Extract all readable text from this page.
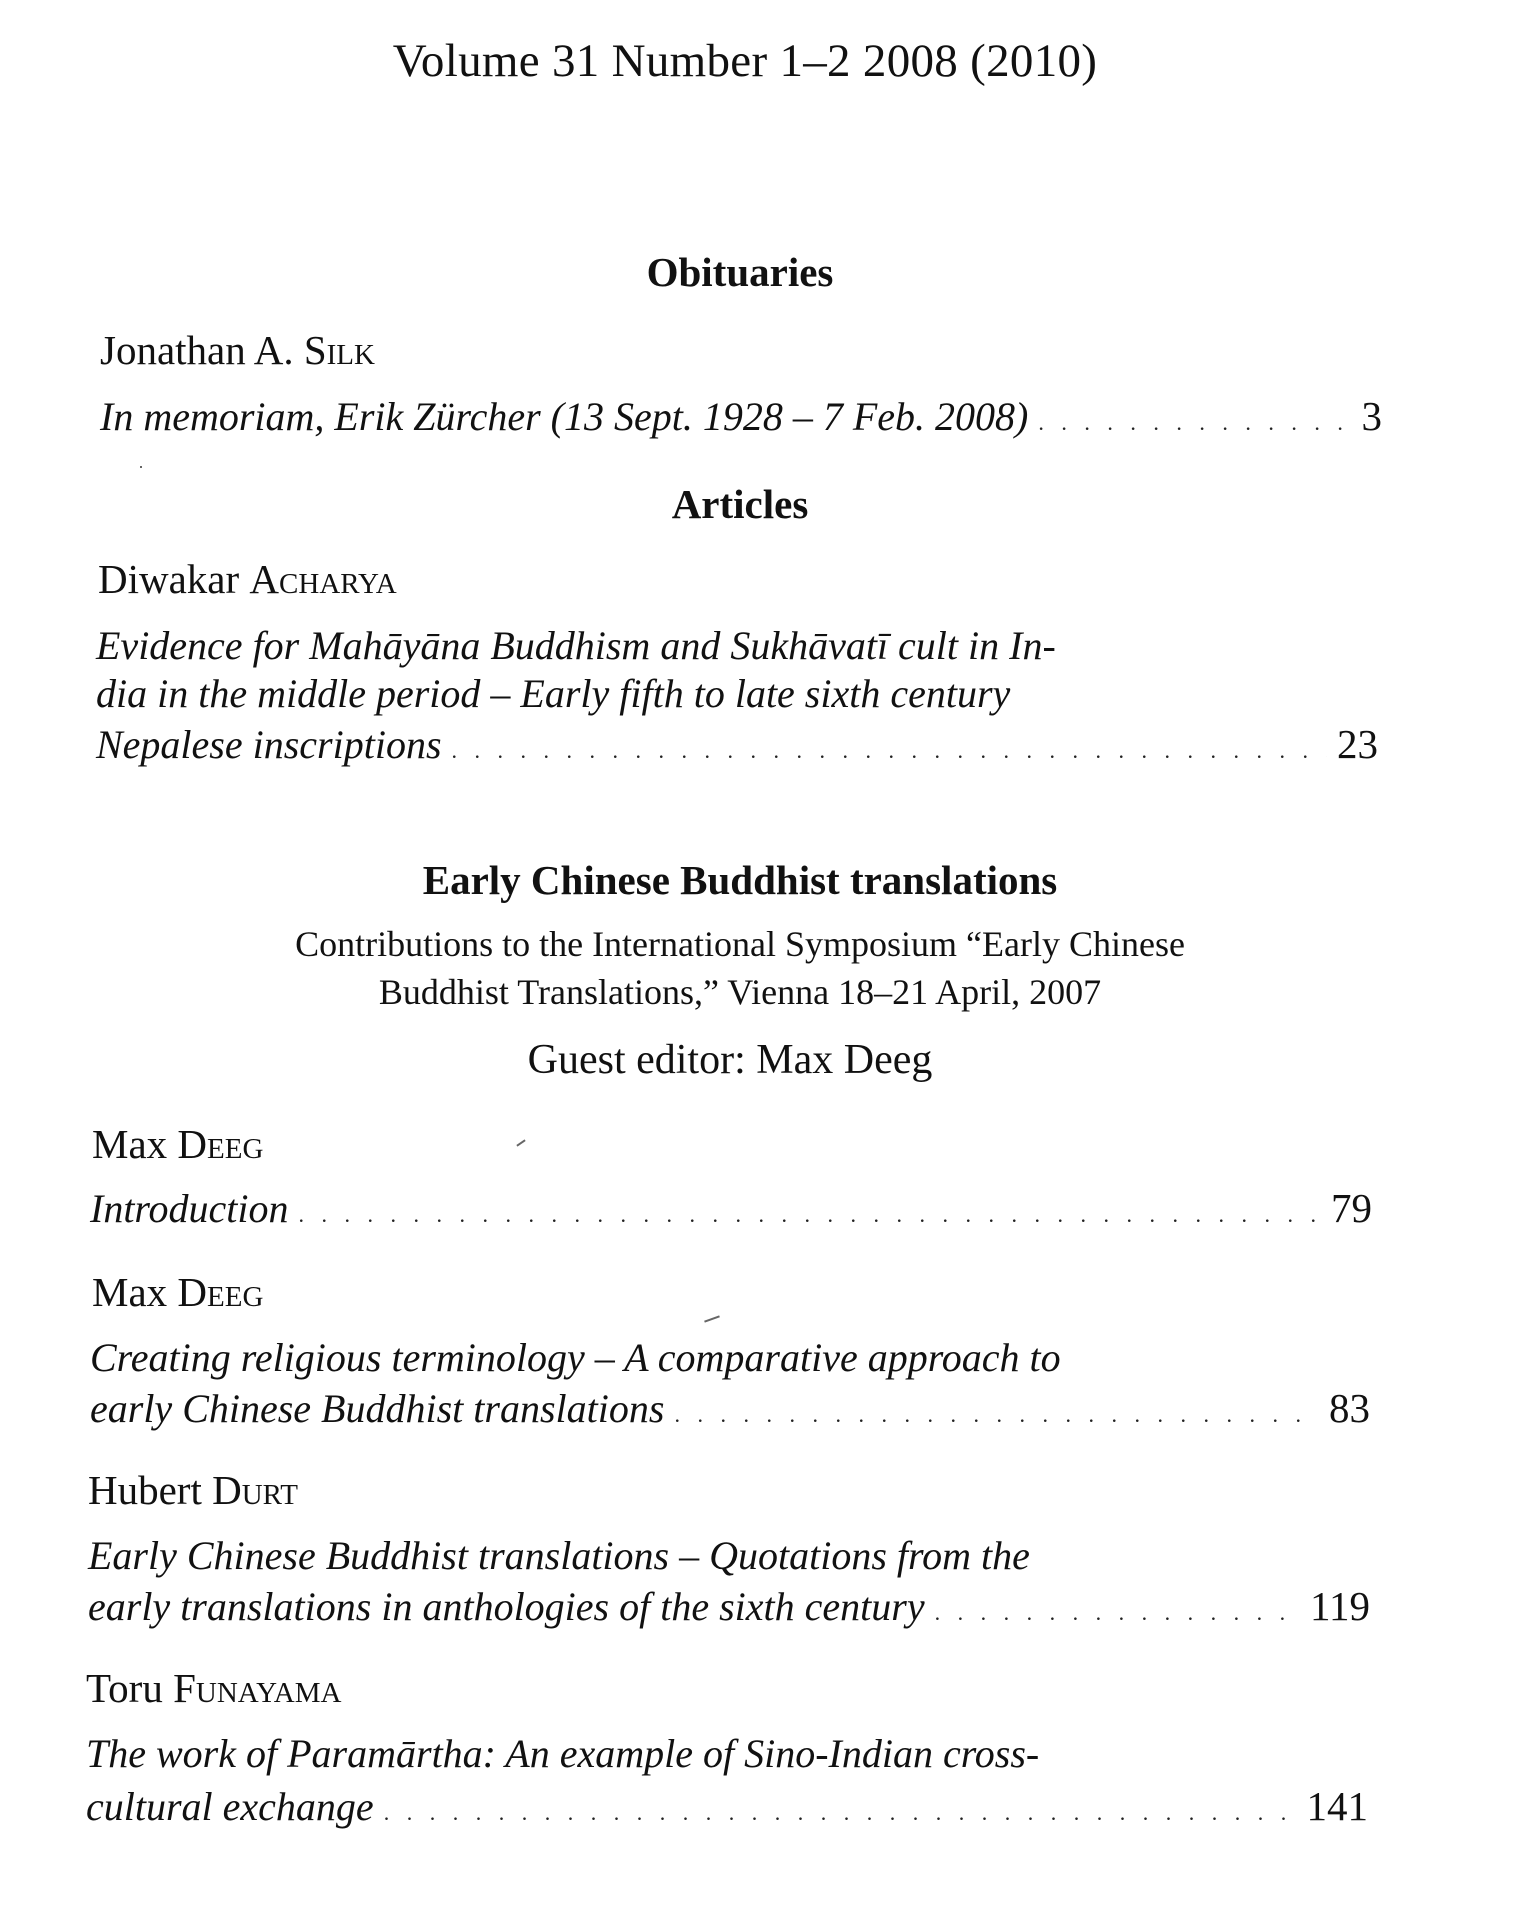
Volume 31 Number 1–2 2008 (2010)
Obituaries
Jonathan A. Silk
In memoriam, Erik Zürcher (13 Sept. 1928 – 7 Feb. 2008) . . .	3
Articles
Diwakar Acharya
Evidence for Mahāyāna Buddhism and Sukhāvatī cult in In-
dia in the middle period – Early fifth to late sixth century
Nepalese inscriptions . . .	23
Early Chinese Buddhist translations
Contributions to the International Symposium “Early Chinese
Buddhist Translations,” Vienna 18–21 April, 2007
Guest editor: Max Deeg
Max Deeg
Introduction . . .	79
Max Deeg
Creating religious terminology – A comparative approach to
early Chinese Buddhist translations . . .	83
Hubert Durt
Early Chinese Buddhist translations – Quotations from the
early translations in anthologies of the sixth century . . .	119
Toru Funayama
The work of Paramārtha: An example of Sino-Indian cross-
cultural exchange . . .	141
